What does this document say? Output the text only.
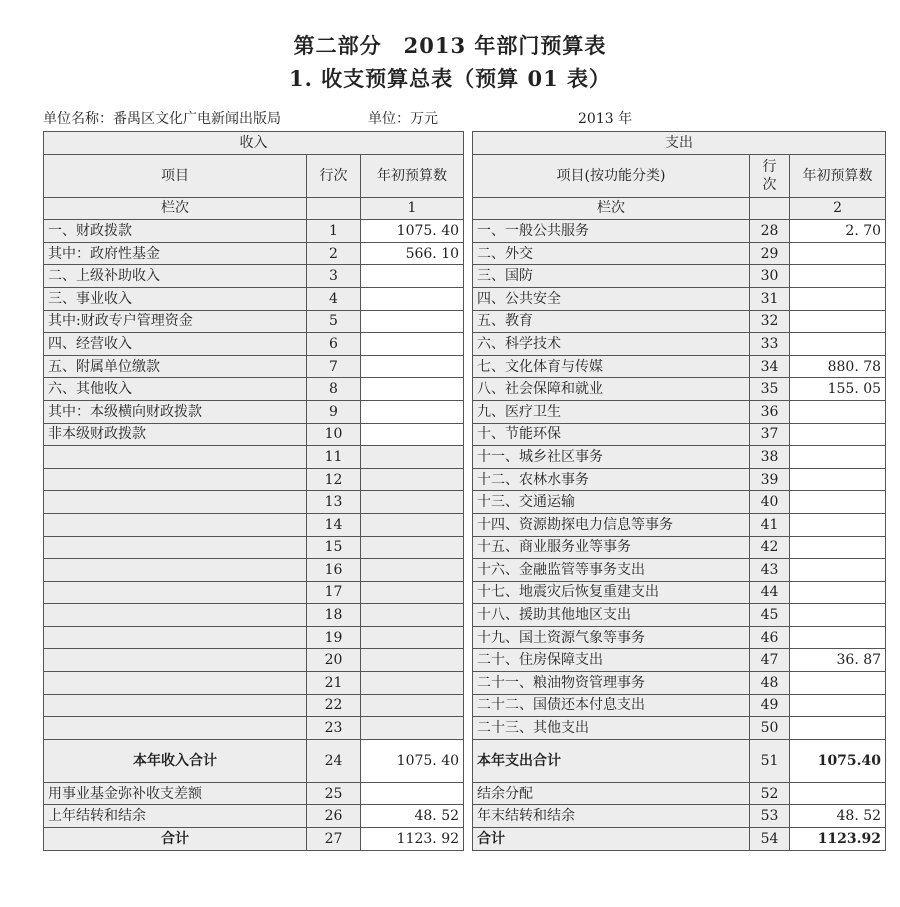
第二部分　2013 年部门预算表
1. 收支预算总表（预算 01 表）
单位名称：番禺区文化广电新闻出版局	单位：万元	2013 年
收入				支出		
项目	行次	年初预算数		项目(按功能分类)	行次	年初预算数
栏次		1		栏次		2
一、财政拨款	1	1075. 40		一、一般公共服务	28	2. 70
其中：政府性基金	2	566. 10		二、外交	29	
二、上级补助收入	3			三、国防	30	
三、事业收入	4			四、公共安全	31	
其中:财政专户管理资金	5			五、教育	32	
四、经营收入	6			六、科学技术	33	
五、附属单位缴款	7			七、文化体育与传媒	34	880. 78
六、其他收入	8			八、社会保障和就业	35	155. 05
其中：本级横向财政拨款	9			九、医疗卫生	36	
非本级财政拨款	10			十、节能环保	37	
	11			十一、城乡社区事务	38	
	12			十二、农林水事务	39	
	13			十三、交通运输	40	
	14			十四、资源勘探电力信息等事务	41	
	15			十五、商业服务业等事务	42	
	16			十六、金融监管等事务支出	43	
	17			十七、地震灾后恢复重建支出	44	
	18			十八、援助其他地区支出	45	
	19			十九、国土资源气象等事务	46	
	20			二十、住房保障支出	47	36. 87
	21			二十一、粮油物资管理事务	48	
	22			二十二、国债还本付息支出	49	
	23			二十三、其他支出	50	
本年收入合计	24	1075. 40		本年支出合计	51	1075.40
用事业基金弥补收支差额	25			结余分配	52	
上年结转和结余	26	48. 52		年末结转和结余	53	48. 52
合计	27	1123. 92		合计	54	1123.92
